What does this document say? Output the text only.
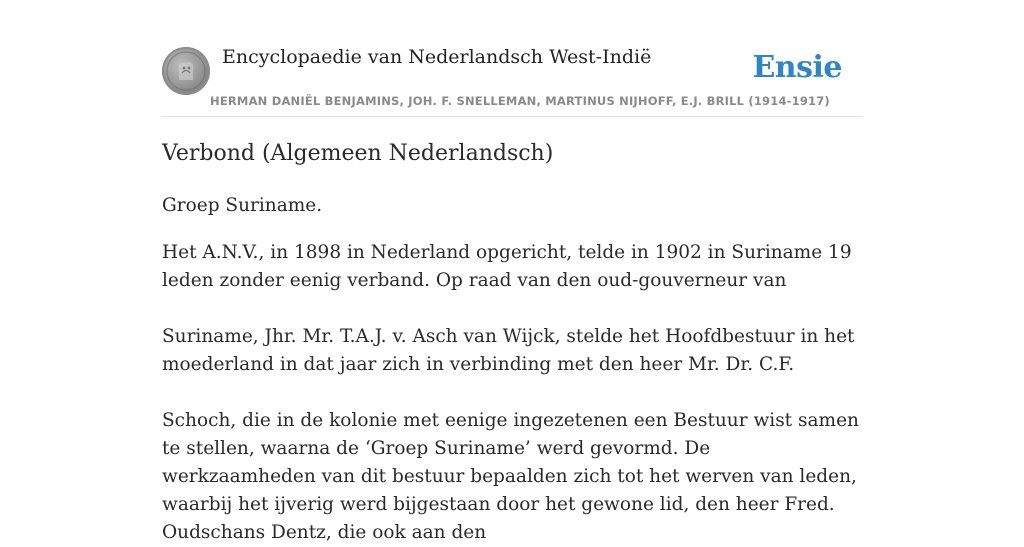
Encyclopaedie van Nederlandsch West-Indië	Ensie
HERMAN DANIËL BENJAMINS, JOH. F. SNELLEMAN, MARTINUS NIJHOFF, E.J. BRILL (1914-1917)
Verbond (Algemeen Nederlandsch)

Groep Suriname.

Het A.N.V., in 1898 in Nederland opgericht, telde in 1902 in Suriname 19 leden zonder eenig verband. Op raad van den oud-gouverneur van

Suriname, Jhr. Mr. T.A.J. v. Asch van Wijck, stelde het Hoofdbestuur in het moederland in dat jaar zich in verbinding met den heer Mr. Dr. C.F.

Schoch, die in de kolonie met eenige ingezetenen een Bestuur wist samen te stellen, waarna de ‘Groep Suriname’ werd gevormd. De werkzaamheden van dit bestuur bepaalden zich tot het werven van leden, waarbij het ijverig werd bijgestaan door het gewone lid, den heer Fred. Oudschans Dentz, die ook aan den
